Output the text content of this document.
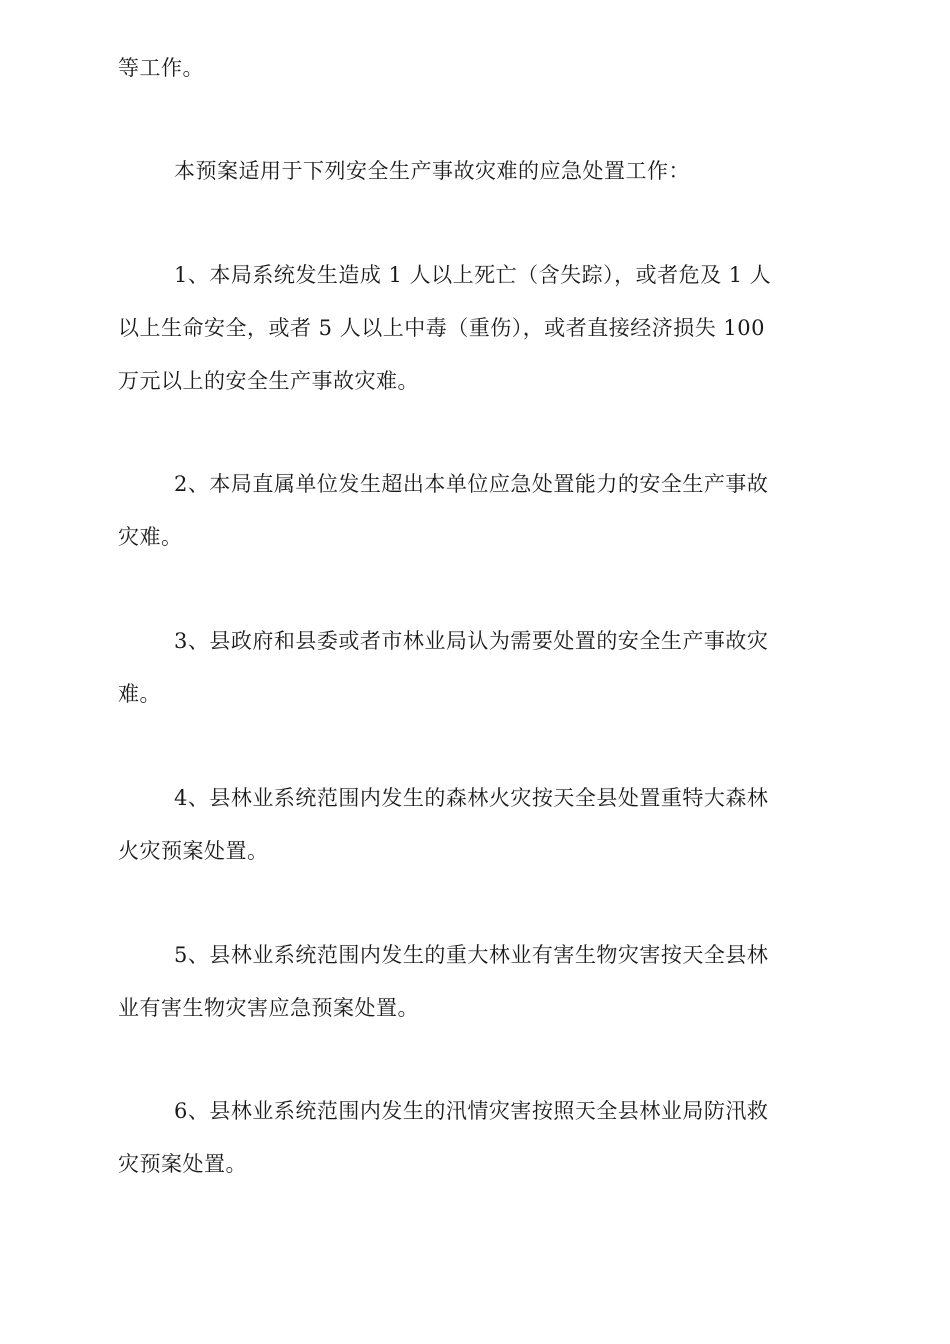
等工作。

本预案适用于下列安全生产事故灾难的应急处置工作：

1、本局系统发生造成 1 人以上死亡（含失踪），或者危及 1 人
以上生命安全，或者 5 人以上中毒（重伤），或者直接经济损失 100
万元以上的安全生产事故灾难。

2、本局直属单位发生超出本单位应急处置能力的安全生产事故
灾难。

3、县政府和县委或者市林业局认为需要处置的安全生产事故灾
难。

4、县林业系统范围内发生的森林火灾按天全县处置重特大森林
火灾预案处置。

5、县林业系统范围内发生的重大林业有害生物灾害按天全县林
业有害生物灾害应急预案处置。

6、县林业系统范围内发生的汛情灾害按照天全县林业局防汛救
灾预案处置。
